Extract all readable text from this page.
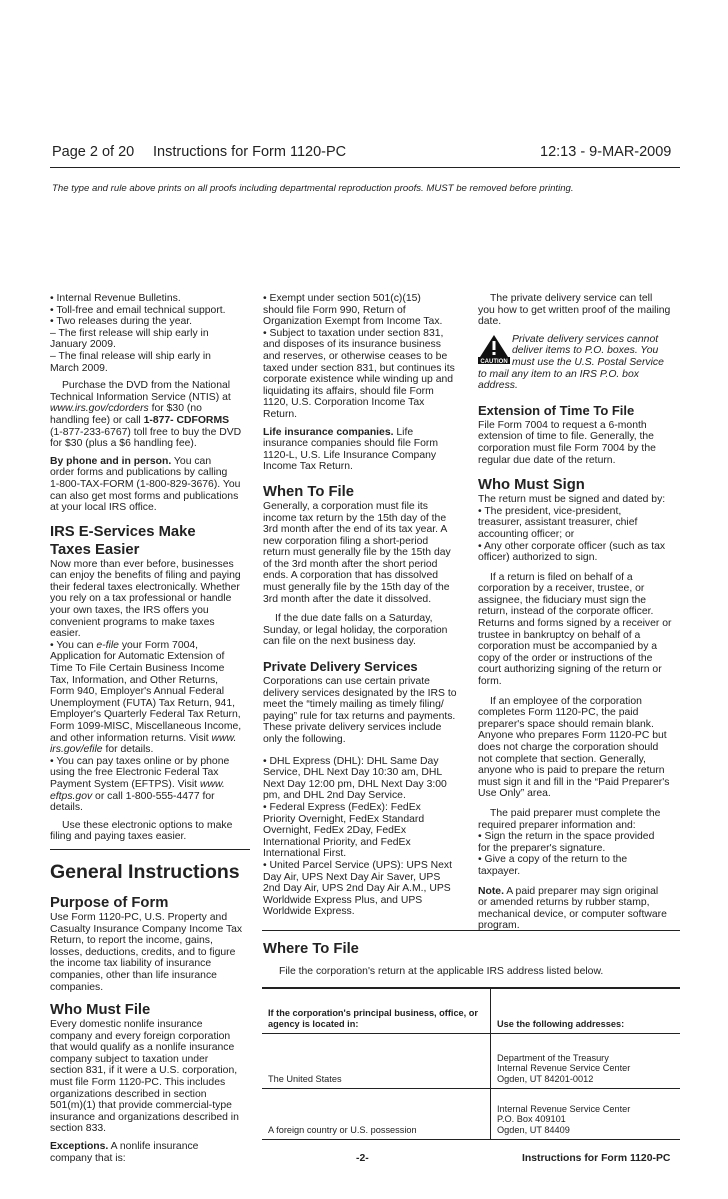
Page 2 of 20 Instructions for Form 1120-PC	12:13 - 9-MAR-2009
The type and rule above prints on all proofs including departmental reproduction proofs. MUST be removed before printing.

• Internal Revenue Bulletins.

• Toll-free and email technical support.

• Two releases during the year.

– The first release will ship early in

January 2009.

– The final release will ship early in

March 2009.

Purchase the DVD from the National

Technical Information Service (NTIS) at

www.irs.gov/cdorders for $30 (no

handling fee) or call 1-877- CDFORMS

(1-877-233-6767) toll free to buy the DVD

for $30 (plus a $6 handling fee).

By phone and in person. You can

order forms and publications by calling

1-800-TAX-FORM (1-800-829-3676). You

can also get most forms and publications

at your local IRS office.

IRS E-Services Make

Taxes Easier

Now more than ever before, businesses

can enjoy the benefits of filing and paying

their federal taxes electronically. Whether

you rely on a tax professional or handle

your own taxes, the IRS offers you

convenient programs to make taxes

easier.

• You can e-file your Form 7004,

Application for Automatic Extension of

Time To File Certain Business Income

Tax, Information, and Other Returns,

Form 940, Employer's Annual Federal

Unemployment (FUTA) Tax Return, 941,

Employer's Quarterly Federal Tax Return,

Form 1099-MISC, Miscellaneous Income,

and other information returns. Visit www.

irs.gov/efile for details.

• You can pay taxes online or by phone

using the free Electronic Federal Tax

Payment System (EFTPS). Visit www.

eftps.gov or call 1-800-555-4477 for

details.

Use these electronic options to make

filing and paying taxes easier.

General Instructions

Purpose of Form

Use Form 1120-PC, U.S. Property and

Casualty Insurance Company Income Tax

Return, to report the income, gains,

losses, deductions, credits, and to figure

the income tax liability of insurance

companies, other than life insurance

companies.

Who Must File

Every domestic nonlife insurance

company and every foreign corporation

that would qualify as a nonlife insurance

company subject to taxation under

section 831, if it were a U.S. corporation,

must file Form 1120-PC. This includes

organizations described in section

501(m)(1) that provide commercial-type

insurance and organizations described in

section 833.

Exceptions. A nonlife insurance

company that is:

• Exempt under section 501(c)(15)

should file Form 990, Return of

Organization Exempt from Income Tax.

• Subject to taxation under section 831,

and disposes of its insurance business

and reserves, or otherwise ceases to be

taxed under section 831, but continues its

corporate existence while winding up and

liquidating its affairs, should file Form

1120, U.S. Corporation Income Tax

Return.

Life insurance companies. Life

insurance companies should file Form

1120-L, U.S. Life Insurance Company

Income Tax Return.

When To File

Generally, a corporation must file its

income tax return by the 15th day of the

3rd month after the end of its tax year. A

new corporation filing a short-period

return must generally file by the 15th day

of the 3rd month after the short period

ends. A corporation that has dissolved

must generally file by the 15th day of the

3rd month after the date it dissolved.

If the due date falls on a Saturday,

Sunday, or legal holiday, the corporation

can file on the next business day.

Private Delivery Services

Corporations can use certain private

delivery services designated by the IRS to

meet the “timely mailing as timely filing/

paying” rule for tax returns and payments.

These private delivery services include

only the following.

• DHL Express (DHL): DHL Same Day

Service, DHL Next Day 10:30 am, DHL

Next Day 12:00 pm, DHL Next Day 3:00

pm, and DHL 2nd Day Service.

• Federal Express (FedEx): FedEx

Priority Overnight, FedEx Standard

Overnight, FedEx 2Day, FedEx

International Priority, and FedEx

International First.

• United Parcel Service (UPS): UPS Next

Day Air, UPS Next Day Air Saver, UPS

2nd Day Air, UPS 2nd Day Air A.M., UPS

Worldwide Express Plus, and UPS

Worldwide Express.

The private delivery service can tell

you how to get written proof of the mailing

date.

CAUTION

Private delivery services cannot

deliver items to P.O. boxes. You

must use the U.S. Postal Service

to mail any item to an IRS P.O. box

address.

Extension of Time To File

File Form 7004 to request a 6-month

extension of time to file. Generally, the

corporation must file Form 7004 by the

regular due date of the return.

Who Must Sign

The return must be signed and dated by:

• The president, vice-president,

treasurer, assistant treasurer, chief

accounting officer; or

• Any other corporate officer (such as tax

officer) authorized to sign.

If a return is filed on behalf of a

corporation by a receiver, trustee, or

assignee, the fiduciary must sign the

return, instead of the corporate officer.

Returns and forms signed by a receiver or

trustee in bankruptcy on behalf of a

corporation must be accompanied by a

copy of the order or instructions of the

court authorizing signing of the return or

form.

If an employee of the corporation

completes Form 1120-PC, the paid

preparer's space should remain blank.

Anyone who prepares Form 1120-PC but

does not charge the corporation should

not complete that section. Generally,

anyone who is paid to prepare the return

must sign it and fill in the “Paid Preparer's

Use Only” area.

The paid preparer must complete the

required preparer information and:

• Sign the return in the space provided

for the preparer's signature.

• Give a copy of the return to the

taxpayer.

Note. A paid preparer may sign original

or amended returns by rubber stamp,

mechanical device, or computer software

program.

Where To File
File the corporation's return at the applicable IRS address listed below.
If the corporation's principal business, office, or agency is located in:	Use the following addresses:
The United States	Department of the Treasury
Internal Revenue Service Center
Ogden, UT 84201-0012

A foreign country or U.S. possession	Internal Revenue Service Center
P.O. Box 409101
Ogden, UT 84409
-2-	Instructions for Form 1120-PC
